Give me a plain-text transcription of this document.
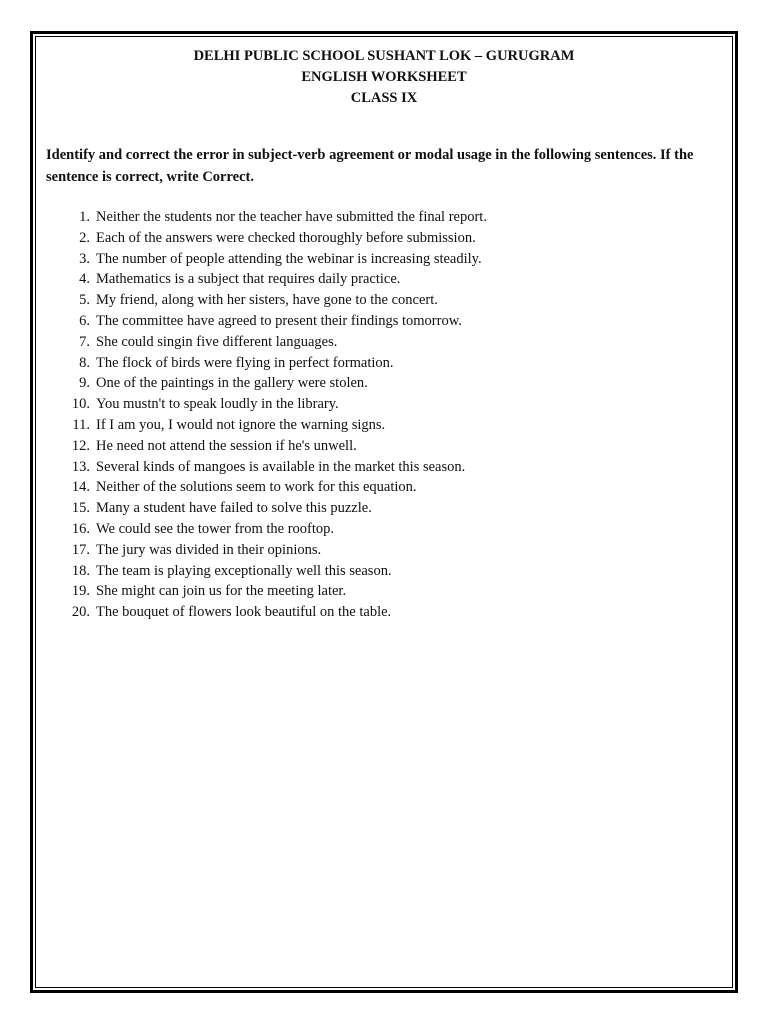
DELHI PUBLIC SCHOOL SUSHANT LOK – GURUGRAM
ENGLISH WORKSHEET
CLASS IX
Identify and correct the error in subject-verb agreement or modal usage in the following sentences. If the sentence is correct, write Correct.
1. Neither the students nor the teacher have submitted the final report.
2. Each of the answers were checked thoroughly before submission.
3. The number of people attending the webinar is increasing steadily.
4. Mathematics is a subject that requires daily practice.
5. My friend, along with her sisters, have gone to the concert.
6. The committee have agreed to present their findings tomorrow.
7. She could singin five different languages.
8. The flock of birds were flying in perfect formation.
9. One of the paintings in the gallery were stolen.
10. You mustn't to speak loudly in the library.
11. If I am you, I would not ignore the warning signs.
12. He need not attend the session if he's unwell.
13. Several kinds of mangoes is available in the market this season.
14. Neither of the solutions seem to work for this equation.
15. Many a student have failed to solve this puzzle.
16. We could see the tower from the rooftop.
17. The jury was divided in their opinions.
18. The team is playing exceptionally well this season.
19. She might can join us for the meeting later.
20. The bouquet of flowers look beautiful on the table.
